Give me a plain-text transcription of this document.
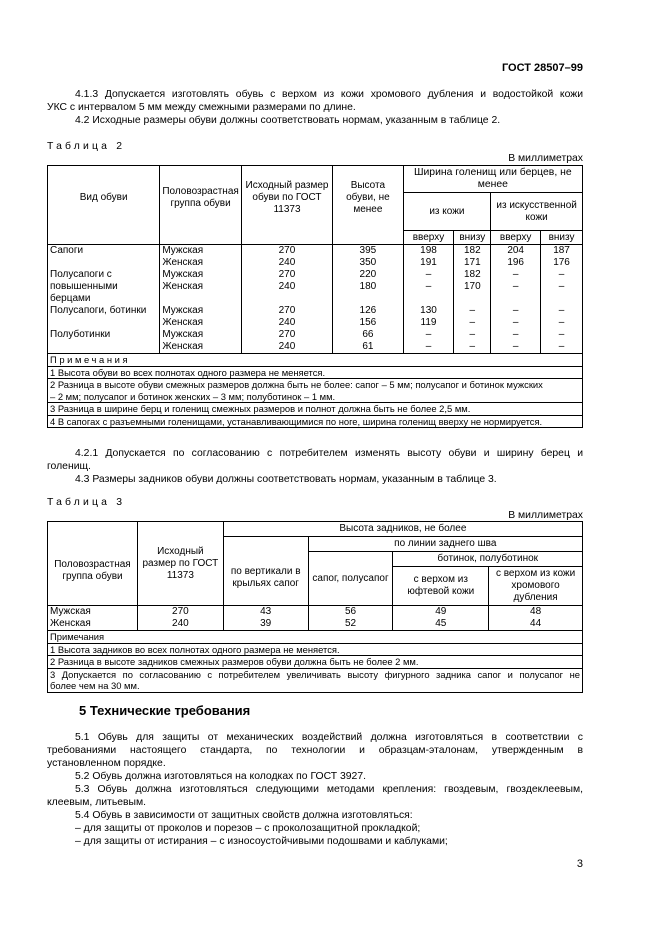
ГОСТ 28507–99
4.1.3 Допускается изготовлять обувь с верхом из кожи хромового дубления и водостойкой кожи
УКС с интервалом 5 мм между смежными размерами по длине.
4.2 Исходные размеры обуви должны соответствовать нормам, указанным в таблице 2.
Таблица 2
В миллиметрах
Вид обуви	Половозрастная группа обуви	Исходный размер обуви по ГОСТ 11373	Высота обуви, не менее	Ширина голенищ или берцев, не менее			
				из кожи		из искусственной кожи	
				вверху	внизу	вверху	внизу
Сапоги	Мужская	270	395	198	182	204	187
	Женская	240	350	191	171	196	176
Полусапоги с	Мужская	270	220	–	182	–	–
повышенными	Женская	240	180	–	170	–	–
берцами							
Полусапоги, ботинки	Мужская	270	126	130	–	–	–
	Женская	240	156	119	–	–	–
Полуботинки	Мужская	270	66	–	–	–	–
	Женская	240	61	–	–	–	–
Примечания							
1 Высота обуви во всех полнотах одного размера не меняется.							
2 Разница в высоте обуви смежных размеров должна быть не более: сапог – 5 мм; полусапог и ботинок мужских							
– 2 мм; полусапог и ботинок женских – 3 мм; полуботинок – 1 мм.							
3 Разница в ширине берц и голенищ смежных размеров и полнот должна быть не более 2,5 мм.							
4 В сапогах с разъемными голенищами, устанавливающимися по ноге, ширина голенищ вверху не нормируется.							
4.2.1 Допускается по согласованию с потребителем изменять высоту обуви и ширину берец и
голенищ.
4.3 Размеры задников обуви должны соответствовать нормам, указанным в таблице 3.
Таблица 3
В миллиметрах
Половозрастная группа обуви	Исходный размер по ГОСТ 11373	Высота задников, не более			
		по вертикали в крыльях сапог	по линии заднего шва		
			сапог, полусапог	ботинок, полуботинок	
				с верхом из юфтевой кожи	с верхом из кожи хромового дубления
Мужская	270	43	56	49	48
Женская	240	39	52	45	44
Примечания					
1 Высота задников во всех полнотах одного размера не меняется.					
2 Разница в высоте задников смежных размеров обуви должна быть не более 2 мм.					
3 Допускается по согласованию с потребителем увеличивать высоту фигурного задника сапог и полусапог не					
более чем на 30 мм.					
5 Технические требования
5.1 Обувь для защиты от механических воздействий должна изготовляться в соответствии с
требованиями настоящего стандарта, по технологии и образцам-эталонам, утвержденным в
установленном порядке.
5.2 Обувь должна изготовляться на колодках по ГОСТ 3927.
5.3 Обувь должна изготовляться следующими методами крепления: гвоздевым, гвоздеклеевым,
клеевым, литьевым.
5.4 Обувь в зависимости от защитных свойств должна изготовляться:
– для защиты от проколов и порезов – с проколозащитной прокладкой;
– для защиты от истирания – с износоустойчивыми подошвами и каблуками;
3
